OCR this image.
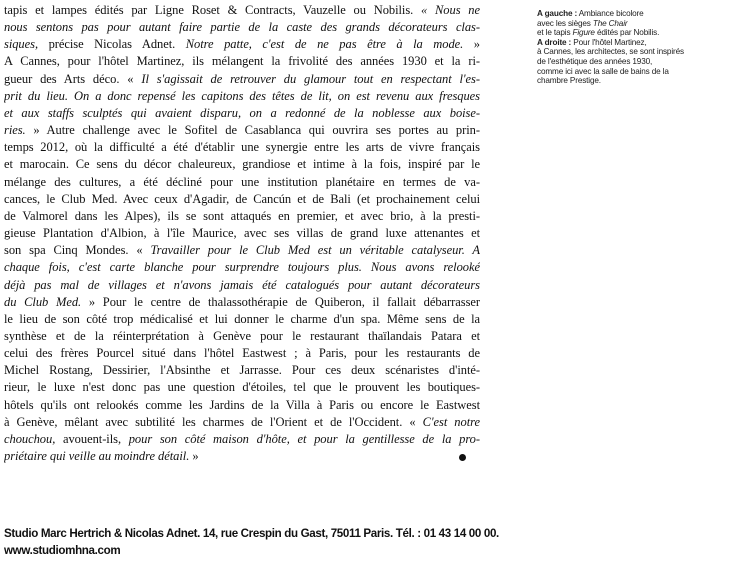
tapis et lampes édités par Ligne Roset & Contracts, Vauzelle ou Nobilis. « Nous ne
nous sentons pas pour autant faire partie de la caste des grands décorateurs clas-
siques, précise Nicolas Adnet. Notre patte, c'est de ne pas être à la mode. »
A Cannes, pour l'hôtel Martinez, ils mélangent la frivolité des années 1930 et la ri-
gueur des Arts déco. « Il s'agissait de retrouver du glamour tout en respectant l'es-
prit du lieu. On a donc repensé les capitons des têtes de lit, on est revenu aux fresques
et aux staffs sculptés qui avaient disparu, on a redonné de la noblesse aux boise-
ries. » Autre challenge avec le Sofitel de Casablanca qui ouvrira ses portes au prin-
temps 2012, où la difficulté a été d'établir une synergie entre les arts de vivre français
et marocain. Ce sens du décor chaleureux, grandiose et intime à la fois, inspiré par le
mélange des cultures, a été décliné pour une institution planétaire en termes de va-
cances, le Club Med. Avec ceux d'Agadir, de Cancún et de Bali (et prochainement celui
de Valmorel dans les Alpes), ils se sont attaqués en premier, et avec brio, à la presti-
gieuse Plantation d'Albion, à l'île Maurice, avec ses villas de grand luxe attenantes et
son spa Cinq Mondes. « Travailler pour le Club Med est un véritable catalyseur. A
chaque fois, c'est carte blanche pour surprendre toujours plus. Nous avons relooké
déjà pas mal de villages et n'avons jamais été catalogués pour autant décorateurs
du Club Med. » Pour le centre de thalassothérapie de Quiberon, il fallait débarrasser
le lieu de son côté trop médicalisé et lui donner le charme d'un spa. Même sens de la
synthèse et de la réinterprétation à Genève pour le restaurant thaïlandais Patara et
celui des frères Pourcel situé dans l'hôtel Eastwest ; à Paris, pour les restaurants de
Michel Rostang, Dessirier, l'Absinthe et Jarrasse. Pour ces deux scénaristes d'inté-
rieur, le luxe n'est donc pas une question d'étoiles, tel que le prouvent les boutiques-
hôtels qu'ils ont relookés comme les Jardins de la Villa à Paris ou encore le Eastwest
à Genève, mêlant avec subtilité les charmes de l'Orient et de l'Occident. « C'est notre
chouchou, avouent-ils, pour son côté maison d'hôte, et pour la gentillesse de la pro-
priétaire qui veille au moindre détail. »
Studio Marc Hertrich & Nicolas Adnet. 14, rue Crespin du Gast, 75011 Paris. Tél. : 01 43 14 00 00.
www.studiomhna.com
A gauche : Ambiance bicolore
avec les sièges The Chair
et le tapis Figure édités par Nobilis.
A droite : Pour l'hôtel Martinez,
à Cannes, les architectes, se sont inspirés
de l'esthétique des années 1930,
comme ici avec la salle de bains de la
chambre Prestige.
